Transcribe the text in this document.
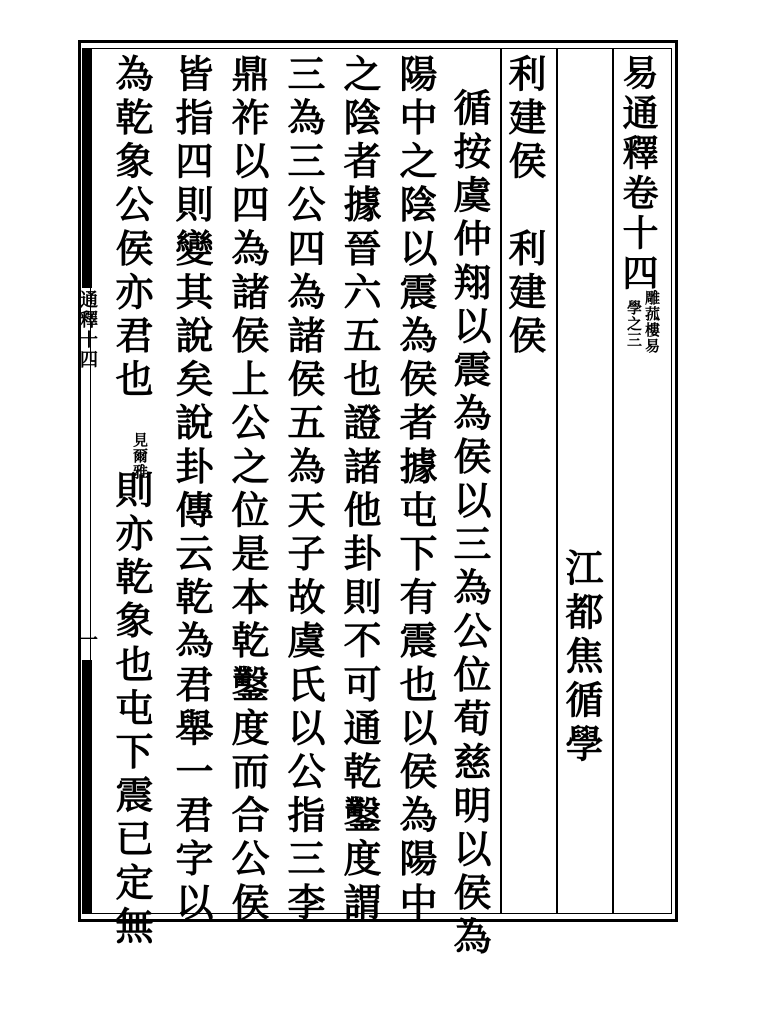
易通釋卷十四
雕菰樓易
學之三
江都焦循學
利建侯　利建侯
循按虞仲翔以震為侯以三為公位荀慈明以侯為
陽中之陰以震為侯者據屯下有震也以侯為陽中
之陰者據晉六五也證諸他卦則不可通乾鑿度謂
三為三公四為諸侯五為天子故虞氏以公指三李
鼎祚以四為諸侯上公之位是本乾鑿度而合公侯
皆指四則變其說矣說卦傳云乾為君舉一君字以
為乾象公侯亦君也
見爾雅
則亦乾象也屯下震已定無
通釋十四
一
